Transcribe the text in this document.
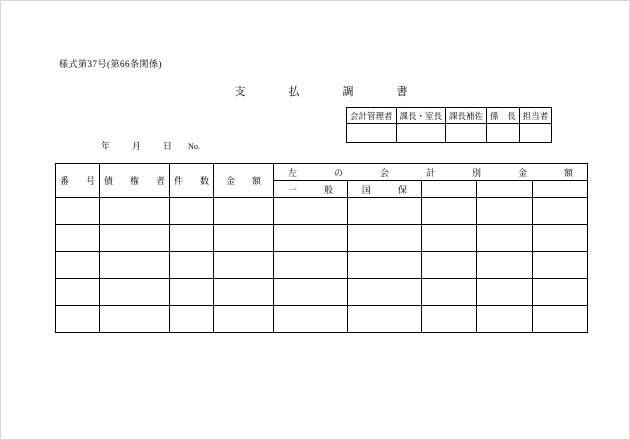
様式第37号(第66条関係)
支　払　調　書
会計管理者	課長・室長	課長補佐	係　長	担当者

年 月 日 No.
番　号	債　権　者	件　数	金　額	左　の　会　計　別　金　額				
				一　般	国　保			
